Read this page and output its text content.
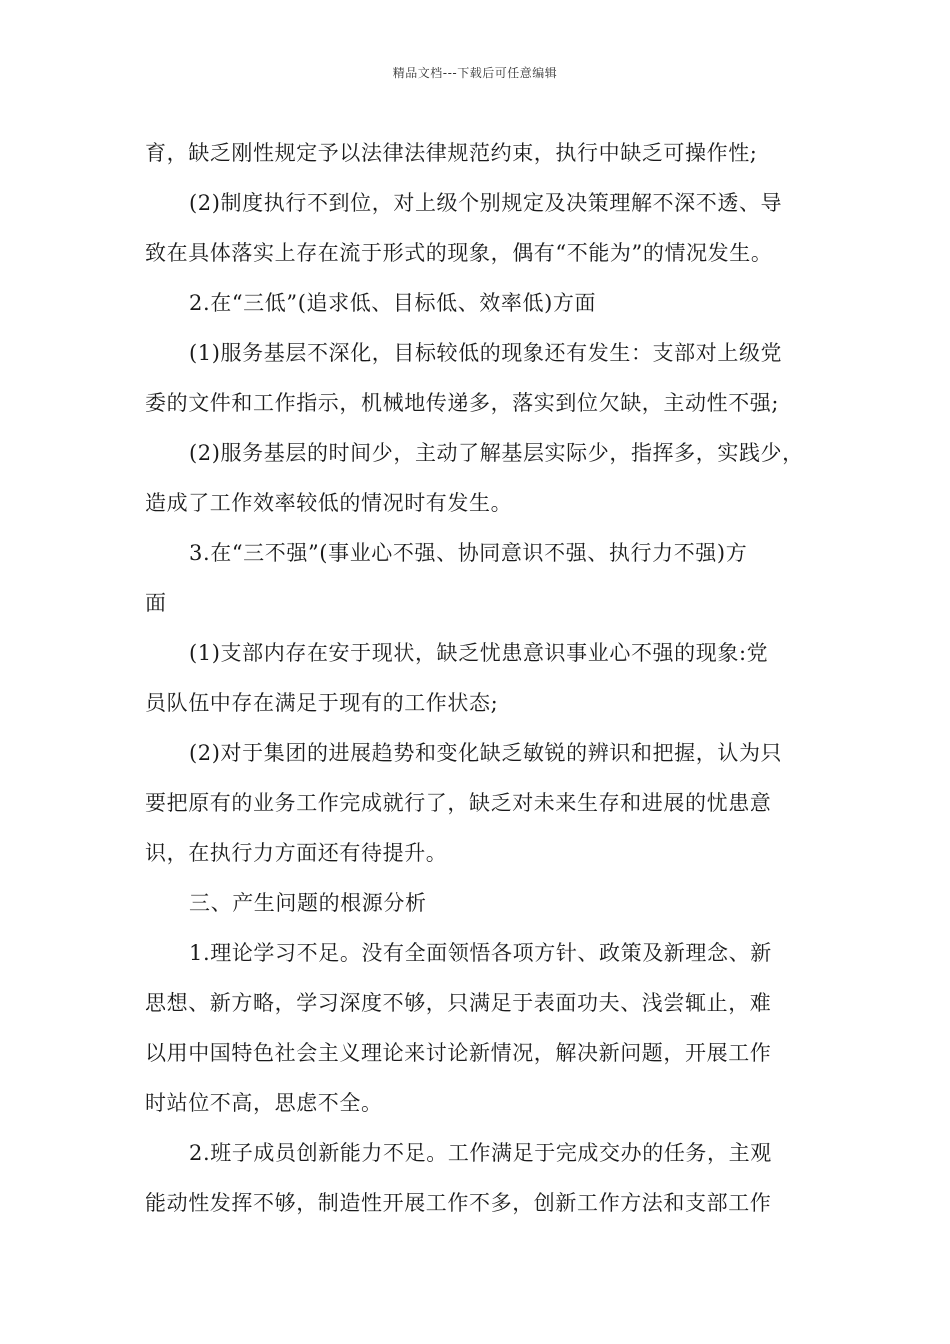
精品文档---下载后可任意编辑
育，缺乏刚性规定予以法律法律规范约束，执行中缺乏可操作性;
(2)制度执行不到位，对上级个别规定及决策理解不深不透、导
致在具体落实上存在流于形式的现象，偶有“不能为”的情况发生。
2.在“三低”(追求低、目标低、效率低)方面
(1)服务基层不深化，目标较低的现象还有发生：支部对上级党
委的文件和工作指示，机械地传递多，落实到位欠缺，主动性不强;
(2)服务基层的时间少，主动了解基层实际少，指挥多，实践少，
造成了工作效率较低的情况时有发生。
3.在“三不强”(事业心不强、协同意识不强、执行力不强)方
面
(1)支部内存在安于现状，缺乏忧患意识事业心不强的现象:党
员队伍中存在满足于现有的工作状态;
(2)对于集团的进展趋势和变化缺乏敏锐的辨识和把握，认为只
要把原有的业务工作完成就行了，缺乏对未来生存和进展的忧患意
识，在执行力方面还有待提升。
三、产生问题的根源分析
1.理论学习不足。没有全面领悟各项方针、政策及新理念、新
思想、新方略，学习深度不够，只满足于表面功夫、浅尝辄止，难
以用中国特色社会主义理论来讨论新情况，解决新问题，开展工作
时站位不高，思虑不全。
2.班子成员创新能力不足。工作满足于完成交办的任务，主观
能动性发挥不够，制造性开展工作不多，创新工作方法和支部工作
